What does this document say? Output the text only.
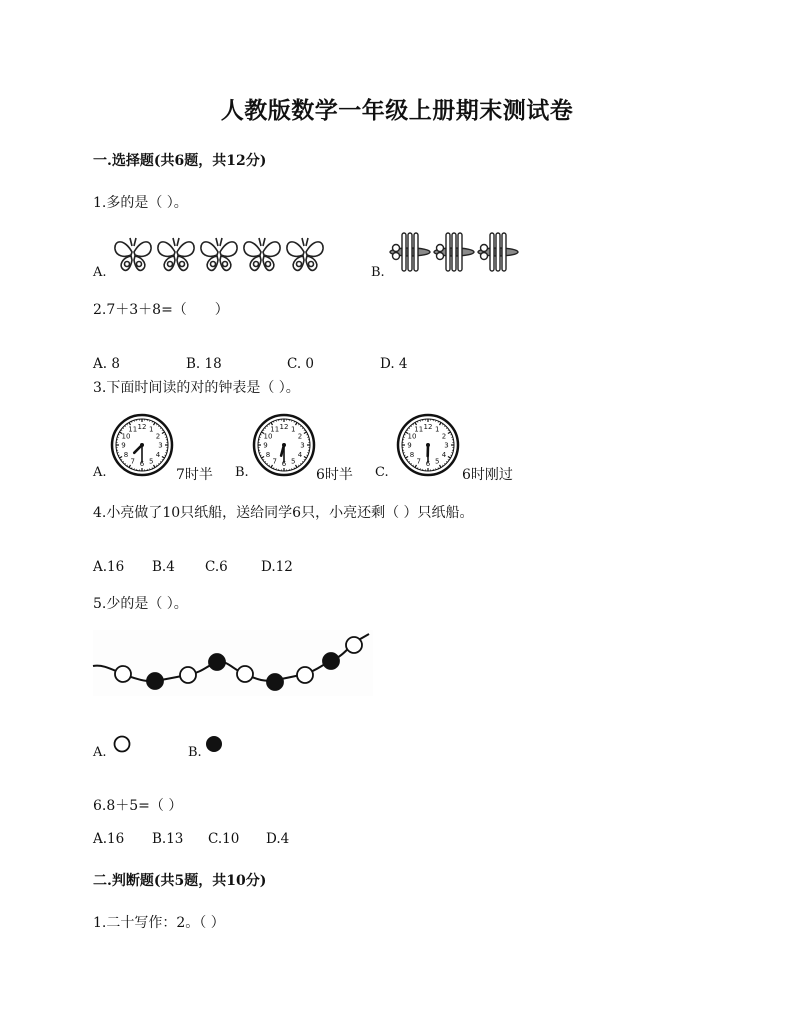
人教版数学一年级上册期末测试卷
一.选择题(共6题，共12分)
1.多的是（ ）。
A.	B.
2.7＋3＋8=（　　）
A. 8	B. 18	C. 0	D. 4
3.下面时间读的对的钟表是（ ）。
A.
1
2
3
4
5
6
7
8
9
10
11 12
7时半 B.
1
2
3
4
5
6
7
8
9
10
11 12
6时半 C.
1
2
3
4
5
6
7
8
9
10
11 12
6时刚过
4.小亮做了10只纸船，送给同学6只，小亮还剩（ ）只纸船。
A.16 B.4 C.6 D.12
5.少的是（ ）。
A.	B.
6.8＋5=（ ）
A.16 B.13 C.10 D.4
二.判断题(共5题，共10分)
1.二十写作：2。（ ）
